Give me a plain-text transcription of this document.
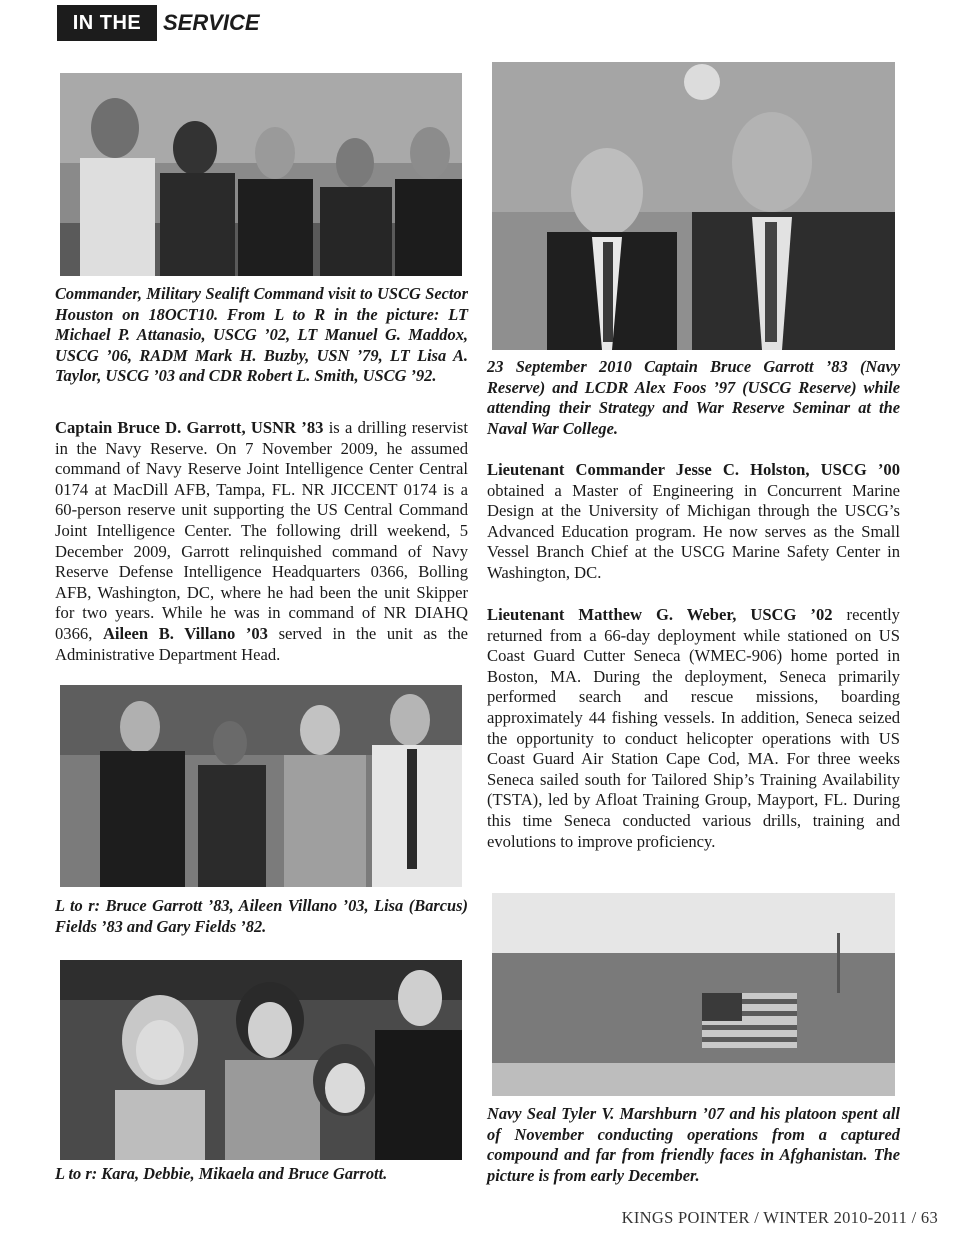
IN THE SERVICE
Commander, Military Sealift Command visit to USCG Sector Houston on 18OCT10. From L to R in the picture: LT Michael P. Attanasio, USCG ’02, LT Manuel G. Maddox, USCG ’06, RADM Mark H. Buzby, USN ’79, LT Lisa A. Taylor, USCG ’03 and CDR Robert L. Smith, USCG ’92.
Captain Bruce D. Garrott, USNR ’83 is a drilling reservist in the Navy Reserve. On 7 November 2009, he assumed command of Navy Reserve Joint Intelligence Center Central 0174 at MacDill AFB, Tampa, FL. NR JICCENT 0174 is a 60-person reserve unit supporting the US Central Command Joint Intelligence Center. The following drill weekend, 5 December 2009, Garrott relinquished command of Navy Reserve Defense Intelligence Headquarters 0366, Bolling AFB, Washington, DC, where he had been the unit Skipper for two years. While he was in command of NR DIAHQ 0366, Aileen B. Villano ’03 served in the unit as the Administrative Department Head.
L to r: Bruce Garrott ’83, Aileen Villano ’03, Lisa (Barcus) Fields ’83 and Gary Fields ’82.
L to r: Kara, Debbie, Mikaela and Bruce Garrott.
23 September 2010 Captain Bruce Garrott ’83 (Navy Reserve) and LCDR Alex Foos ’97 (USCG Reserve) while attending their Strategy and War Reserve Seminar at the Naval War College.
Lieutenant Commander Jesse C. Holston, USCG ’00 obtained a Master of Engineering in Concurrent Marine Design at the University of Michigan through the USCG’s Advanced Education program. He now serves as the Small Vessel Branch Chief at the USCG Marine Safety Center in Washington, DC.
Lieutenant Matthew G. Weber, USCG ’02 recently returned from a 66-day deployment while stationed on US Coast Guard Cutter Seneca (WMEC-906) home ported in Boston, MA. During the deployment, Seneca primarily performed search and rescue missions, boarding approximately 44 fishing vessels. In addition, Seneca seized the opportunity to conduct helicopter operations with US Coast Guard Air Station Cape Cod, MA. For three weeks Seneca sailed south for Tailored Ship’s Training Availability (TSTA), led by Afloat Training Group, Mayport, FL. During this time Seneca conducted various drills, training and evolutions to improve proficiency.
Navy Seal Tyler V. Marshburn ’07 and his platoon spent all of November conducting operations from a captured compound and far from friendly faces in Afghanistan. The picture is from early December.
KINGS POINTER / WINTER 2010-2011 / 63
